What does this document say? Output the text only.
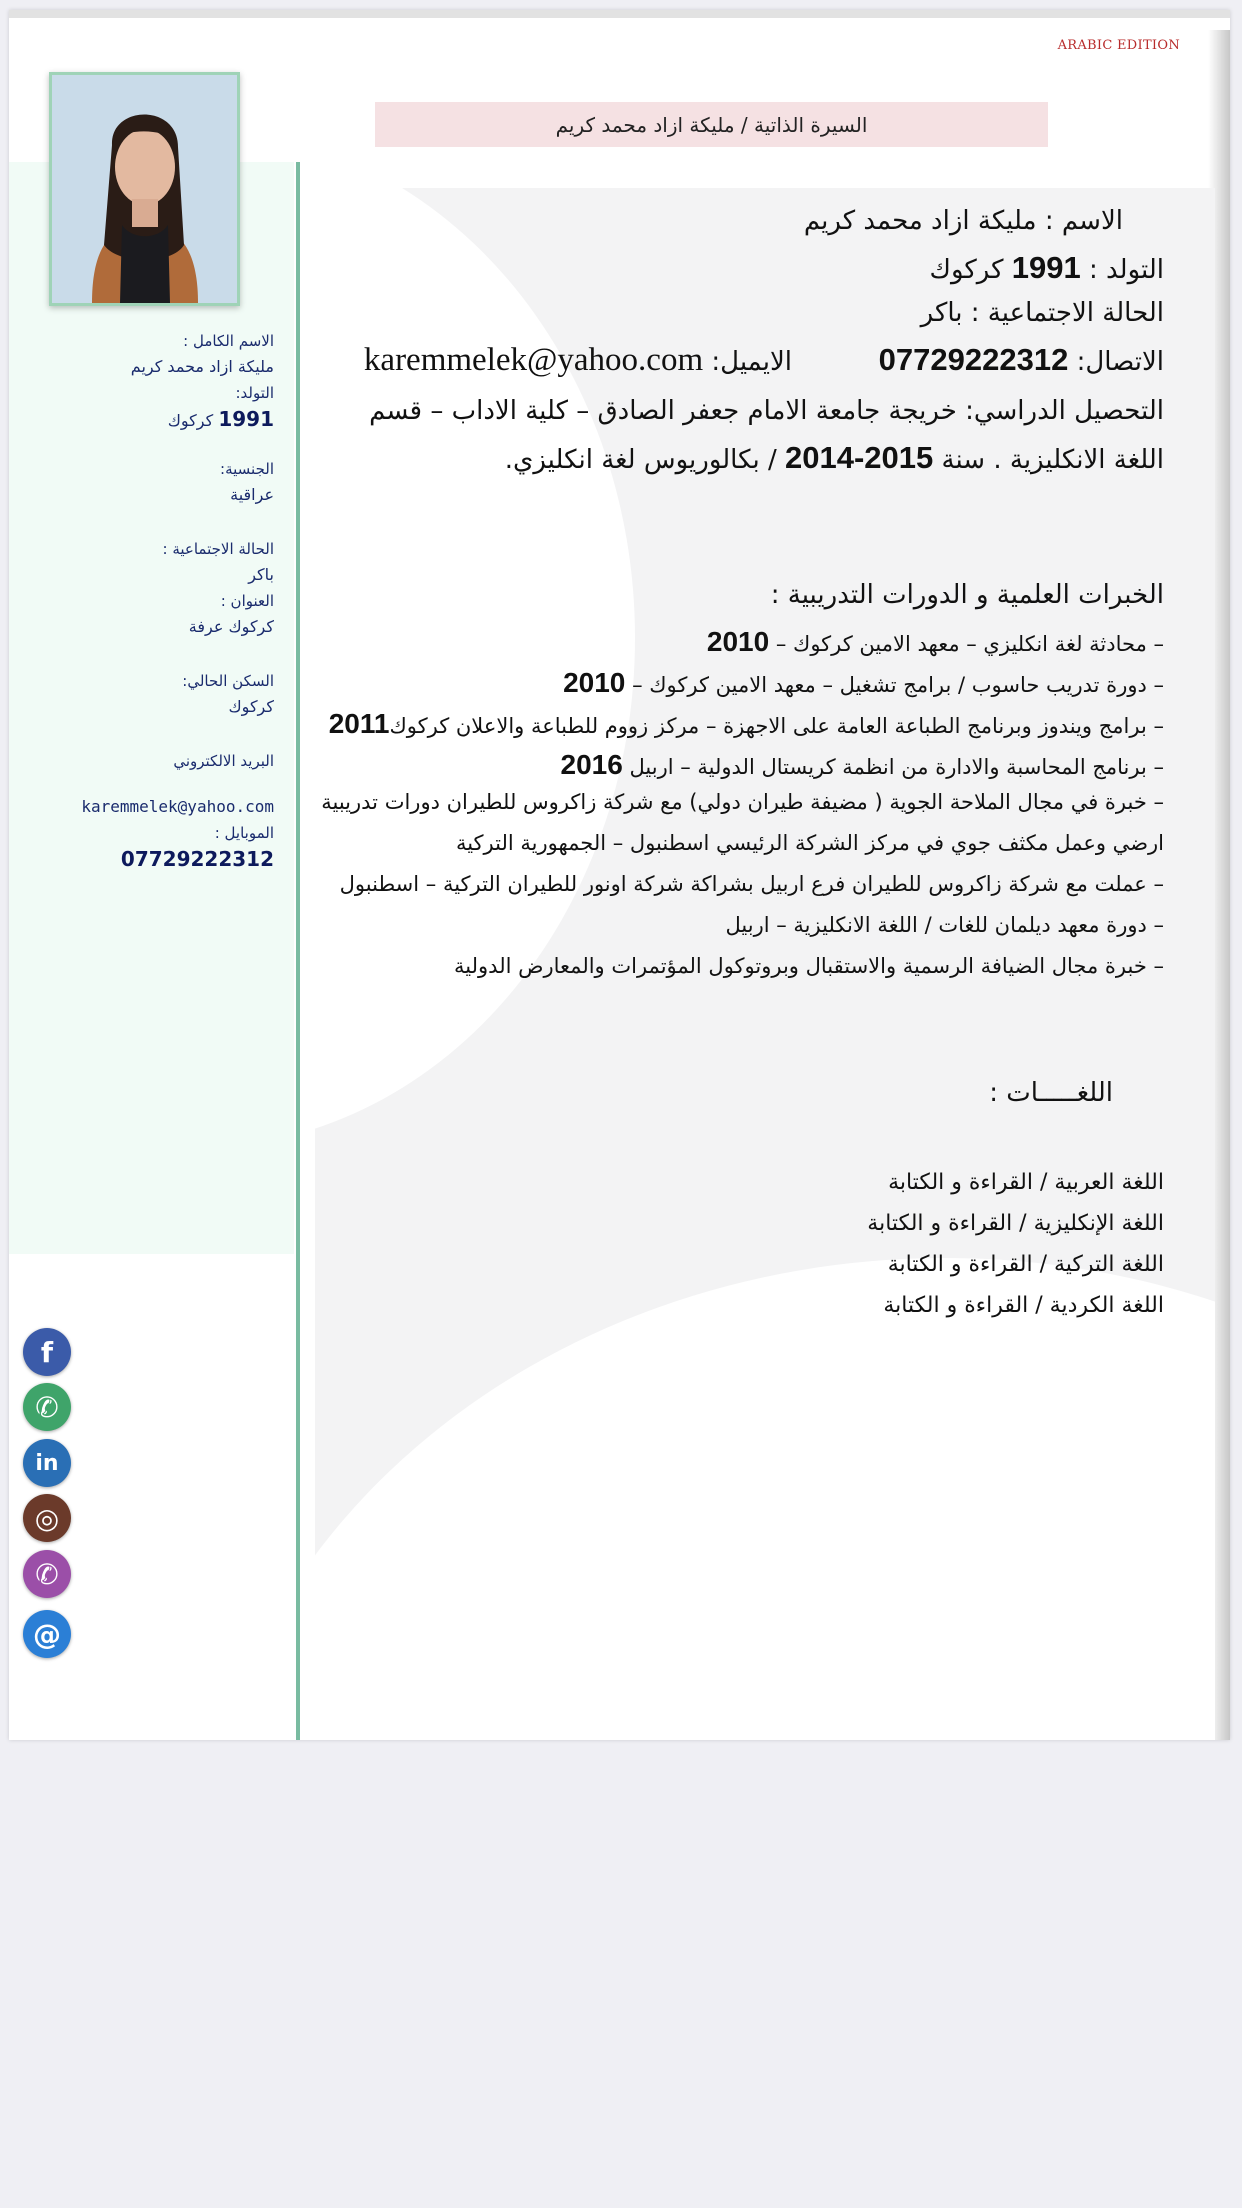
ARABIC EDITION
السيرة الذاتية / مليكة ازاد محمد كريم
الاسم الكامل :
مليكة ازاد محمد كريم
التولد:
1991 كركوك
الجنسية:
عراقية
الحالة الاجتماعية :
باكر
العنوان :
كركوك عرفة
السكن الحالي:
كركوك
البريد الالكتروني
karemmelek@yahoo.com
الموبايل :
07729222312
الاسم : مليكة ازاد محمد كريم
التولد : 1991 كركوك
الحالة الاجتماعية : باكر
الاتصال: 07729222312
الايميل: karemmelek@yahoo.com
التحصيل الدراسي: خريجة جامعة الامام جعفر الصادق – كلية الاداب – قسم
اللغة الانكليزية . سنة 2014-2015 / بكالوريوس لغة انكليزي.
الخبرات العلمية و الدورات التدريبية :
– محادثة لغة انكليزي – معهد الامين كركوك – 2010
– دورة تدريب حاسوب / برامج تشغيل – معهد الامين كركوك – 2010
– برامج ويندوز وبرنامج الطباعة العامة على الاجهزة – مركز زووم للطباعة والاعلان كركوك2011
– برنامج المحاسبة والادارة من انظمة كريستال الدولية – اربيل 2016
– خبرة في مجال الملاحة الجوية ( مضيفة طيران دولي) مع شركة زاكروس للطيران دورات تدريبية
ارضي وعمل مكثف جوي في مركز الشركة الرئيسي اسطنبول – الجمهورية التركية
– عملت مع شركة زاكروس للطيران فرع اربيل بشراكة شركة اونور للطيران التركية – اسطنبول
– دورة معهد ديلمان للغات / اللغة الانكليزية – اربيل
– خبرة مجال الضيافة الرسمية والاستقبال وبروتوكول المؤتمرات والمعارض الدولية
اللغـــــات :
اللغة العربية / القراءة و الكتابة
اللغة الإنكليزية / القراءة و الكتابة
اللغة التركية / القراءة و الكتابة
اللغة الكردية / القراءة و الكتابة
f
✆
in
◎
✆
@
